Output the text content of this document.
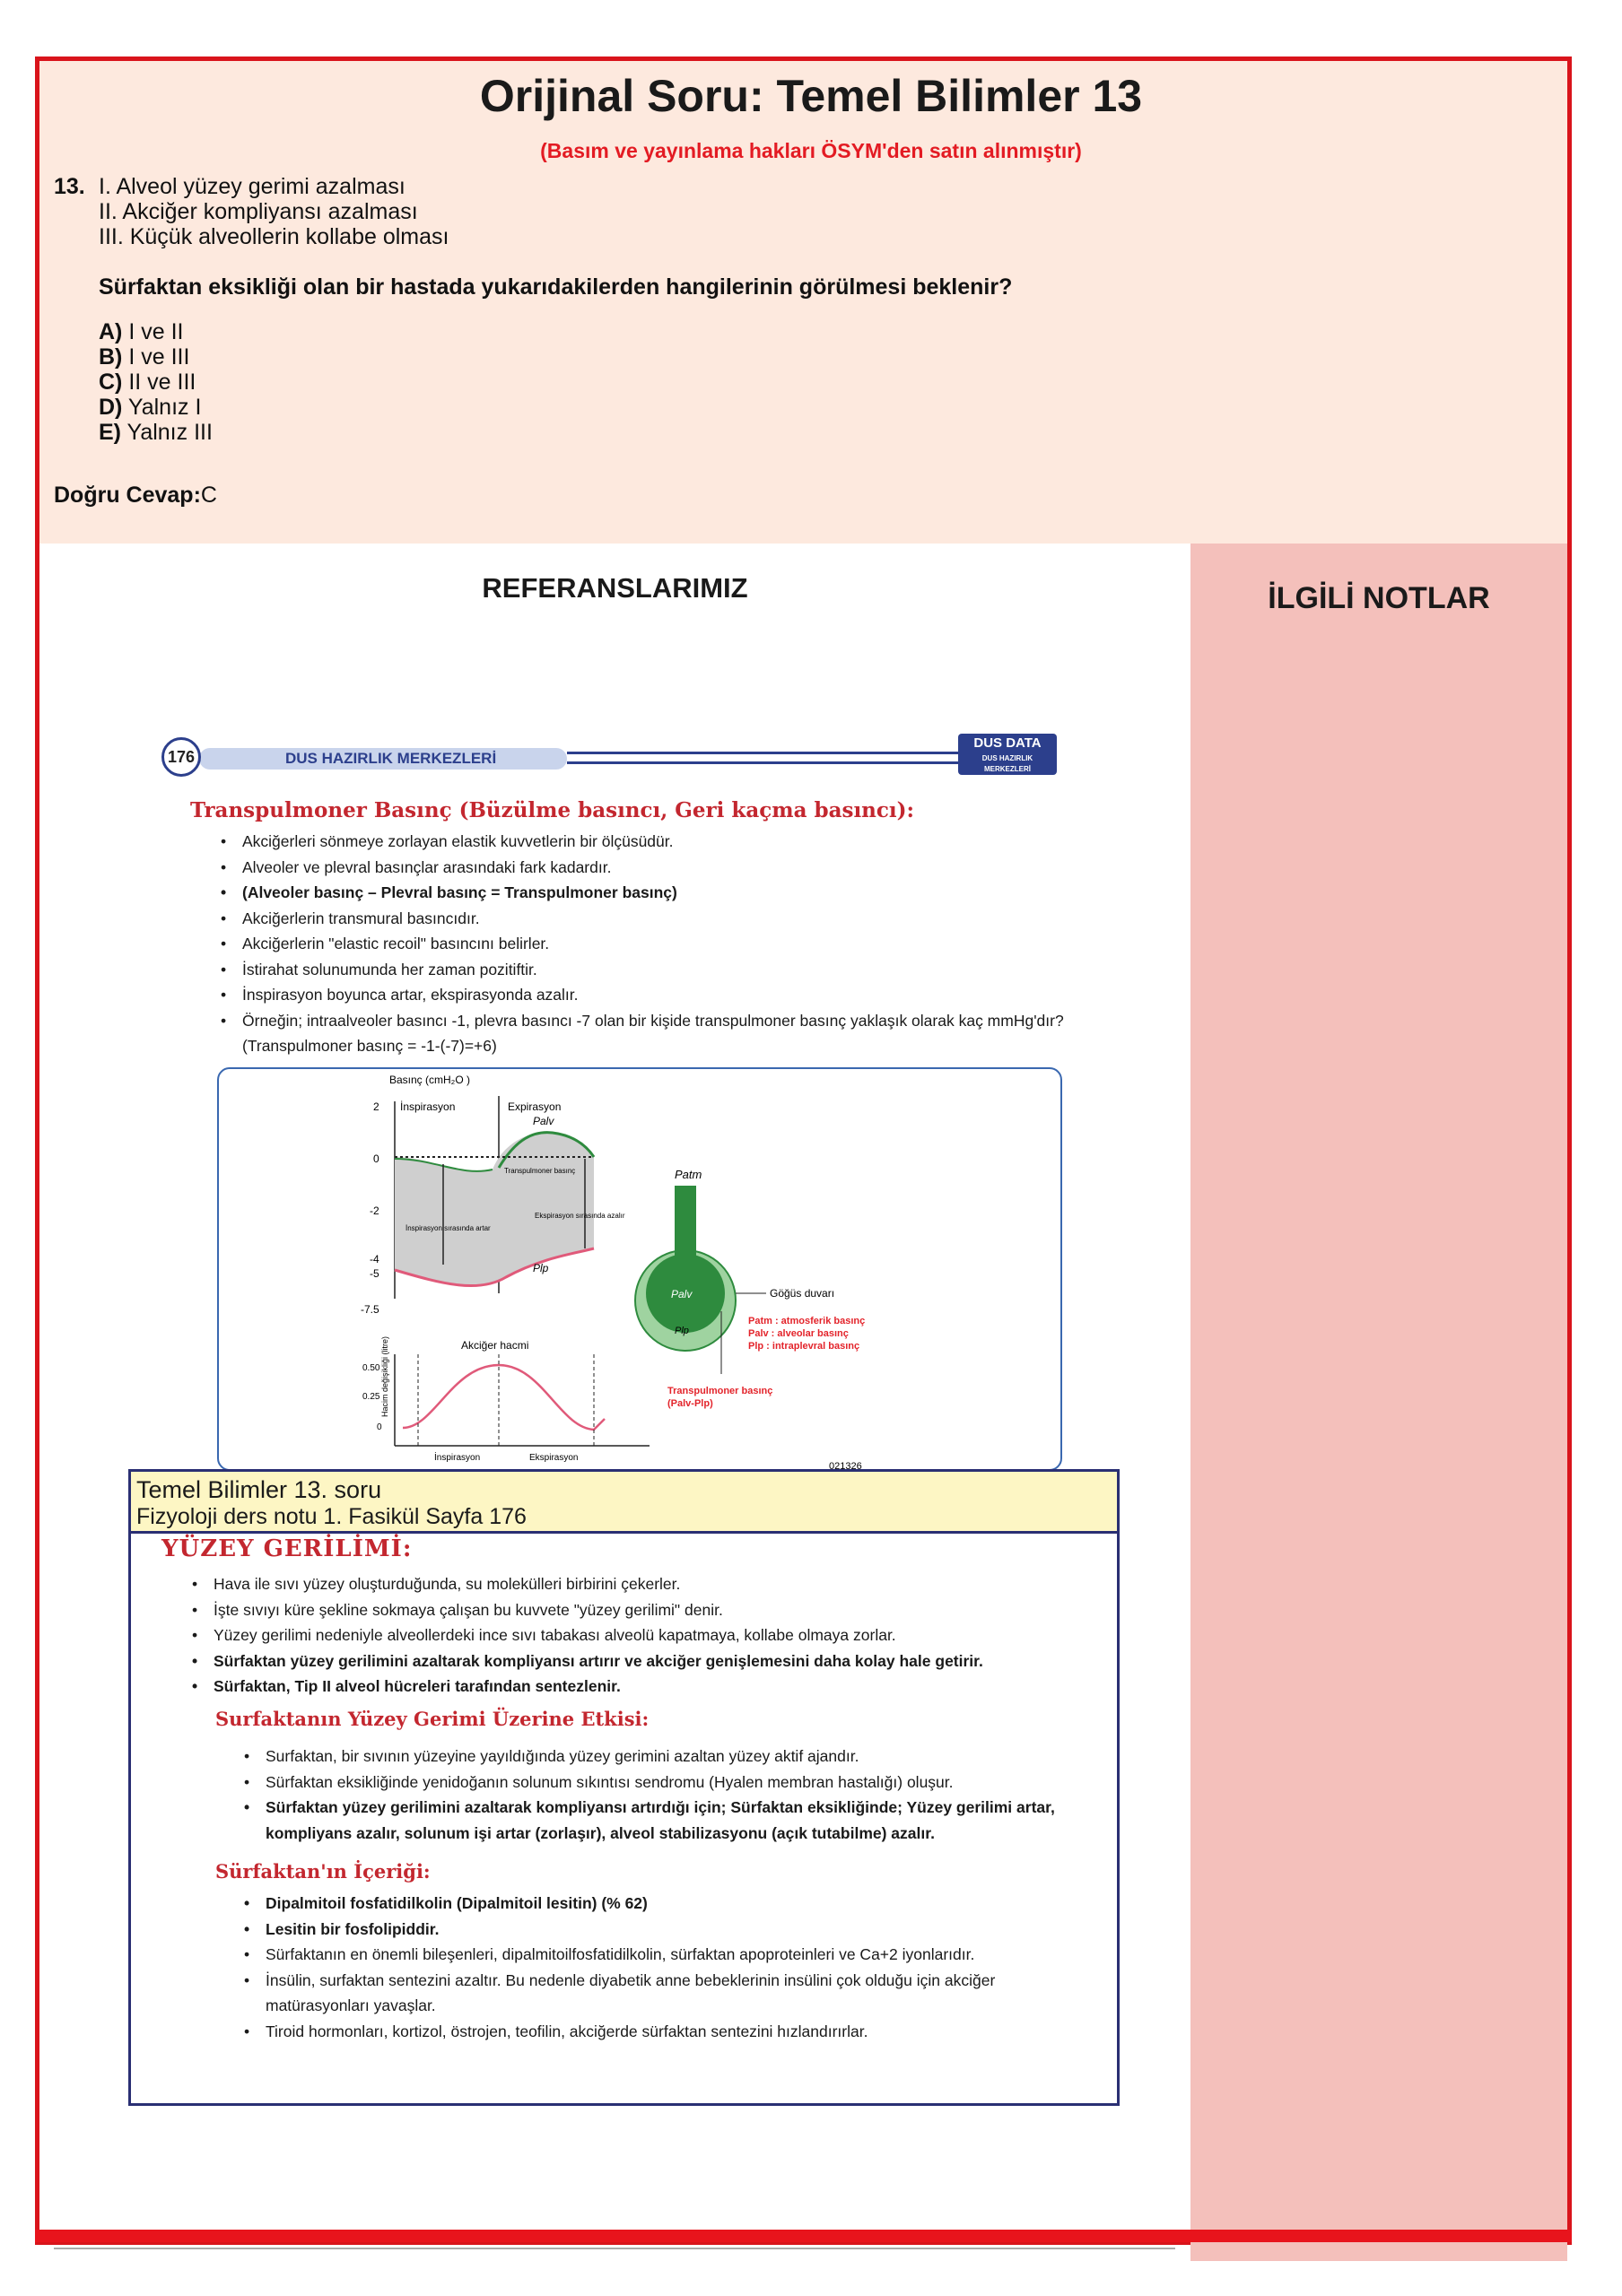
Orijinal Soru: Temel Bilimler 13
(Basım ve yayınlama hakları ÖSYM'den satın alınmıştır)
13. I. Alveol yüzey gerimi azalması
II. Akciğer kompliyansı azalması
III. Küçük alveollerin kollabe olması
Sürfaktan eksikliği olan bir hastada yukarıdakilerden hangilerinin görülmesi beklenir?
A) I ve II
B) I ve III
C) II ve III
D) Yalnız I
E) Yalnız III
Doğru Cevap:C
REFERANSLARIMIZ	İLGİLİ NOTLAR
DUS HAZIRLIK MERKEZLERİ
176
DUS DATA
DUS HAZIRLIK MERKEZLERİ
Transpulmoner Basınç (Büzülme basıncı, Geri kaçma basıncı):
• Akciğerleri sönmeye zorlayan elastik kuvvetlerin bir ölçüsüdür.
• Alveoler ve plevral basınçlar arasındaki fark kadardır.
• (Alveoler basınç – Plevral basınç = Transpulmoner basınç)
• Akciğerlerin transmural basıncıdır.
• Akciğerlerin "elastic recoil" basıncını belirler.
• İstirahat solunumunda her zaman pozitiftir.
• İnspirasyon boyunca artar, ekspirasyonda azalır.
• Örneğin; intraalveoler basıncı -1, plevra basıncı -7 olan bir kişide transpulmoner basınç yaklaşık olarak kaç mmHg'dır? (Transpulmoner basınç = -1-(-7)=+6)
Basınç (cmH₂O )
2
0
-2
-4
-5
-7.5
İnspirasyon	Expirasyon
Palv
Plp
Transpulmoner basınç
İnspirasyon sırasında artar
Ekspirasyon sırasında azalır
Akciğer hacmi
Hacim değişikliği (litre)
0.50
0.25
0
İnspirasyon	Ekspirasyon
Patm
Palv
Plp
Göğüs duvarı
Patm : atmosferik basınç
Palv : alveolar basınç
Plp : intraplevral basınç
Transpulmoner basınç
(Palv-Plp)
021326
Temel Bilimler 13. soru
Fizyoloji ders notu 1. Fasikül Sayfa 176
YÜZEY GERİLİMİ:
• Hava ile sıvı yüzey oluşturduğunda, su molekülleri birbirini çekerler.
• İşte sıvıyı küre şekline sokmaya çalışan bu kuvvete "yüzey gerilimi" denir.
• Yüzey gerilimi nedeniyle alveollerdeki ince sıvı tabakası alveolü kapatmaya, kollabe olmaya zorlar.
• Sürfaktan yüzey gerilimini azaltarak kompliyansı artırır ve akciğer genişlemesini daha kolay hale getirir.
• Sürfaktan, Tip II alveol hücreleri tarafından sentezlenir.
Surfaktanın Yüzey Gerimi Üzerine Etkisi:
• Surfaktan, bir sıvının yüzeyine yayıldığında yüzey gerimini azaltan yüzey aktif ajandır.
• Sürfaktan eksikliğinde yenidoğanın solunum sıkıntısı sendromu (Hyalen membran hastalığı) oluşur.
• Sürfaktan yüzey gerilimini azaltarak kompliyansı artırdığı için; Sürfaktan eksikliğinde; Yüzey gerilimi artar, kompliyans azalır, solunum işi artar (zorlaşır), alveol stabilizasyonu (açık tutabilme) azalır.
Sürfaktan'ın İçeriği:
• Dipalmitoil fosfatidilkolin (Dipalmitoil lesitin) (% 62)
• Lesitin bir fosfolipiddir.
• Sürfaktanın en önemli bileşenleri, dipalmitoilfosfatidilkolin, sürfaktan apoproteinleri ve Ca+2 iyonlarıdır.
• İnsülin, surfaktan sentezini azaltır. Bu nedenle diyabetik anne bebeklerinin insülini çok olduğu için akciğer matürasyonları yavaşlar.
• Tiroid hormonları, kortizol, östrojen, teofilin, akciğerde sürfaktan sentezini hızlandırırlar.
